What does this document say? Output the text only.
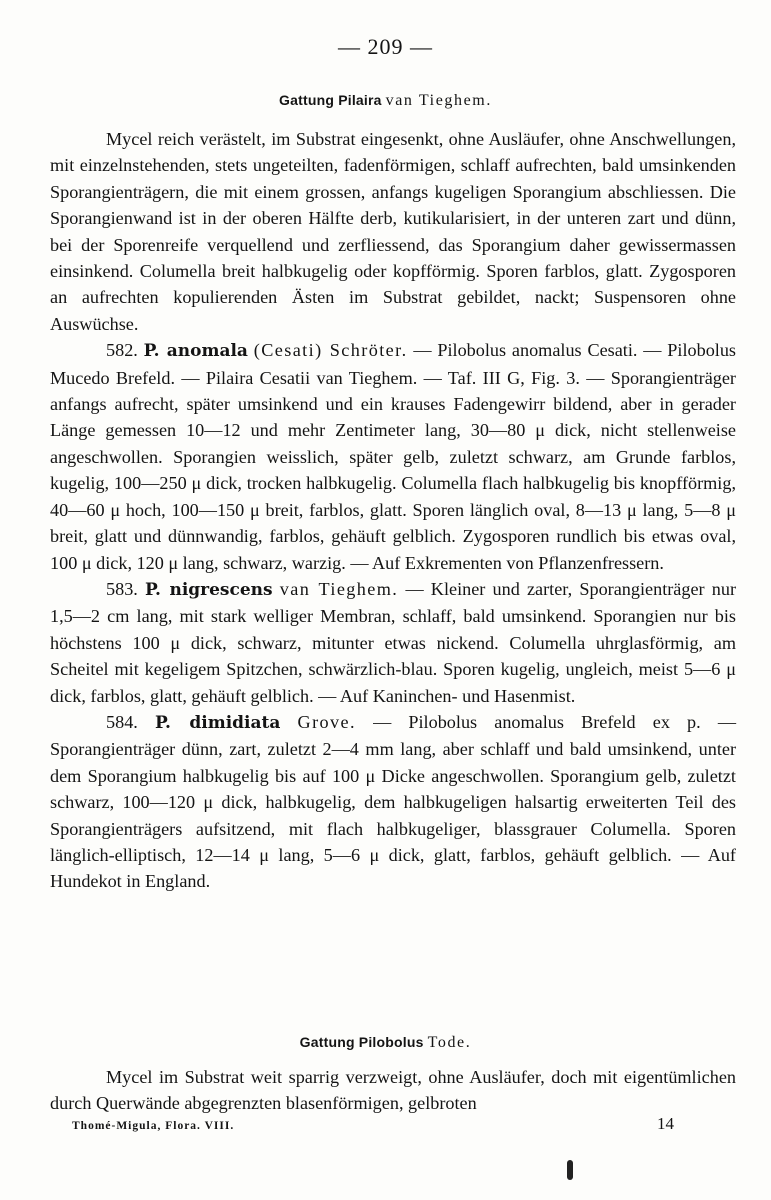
— 209 —
Gattung Pilaira van Tieghem.

Mycel reich verästelt, im Substrat eingesenkt, ohne Ausläufer, ohne Anschwellungen, mit einzelnstehenden, stets ungeteilten, fadenförmigen, schlaff aufrechten, bald umsinkenden Sporangienträgern, die mit einem grossen, anfangs kugeligen Sporangium abschliessen. Die Sporangienwand ist in der oberen Hälfte derb, kutikularisiert, in der unteren zart und dünn, bei der Sporenreife verquellend und zerfliessend, das Sporangium daher gewissermassen einsinkend. Columella breit halbkugelig oder kopfförmig. Sporen farblos, glatt. Zygosporen an aufrechten kopulierenden Ästen im Substrat gebildet, nackt; Suspensoren ohne Auswüchse.

582. P. anomala (Cesati) Schröter. — Pilobolus anomalus Cesati. — Pilobolus Mucedo Brefeld. — Pilaira Cesatii van Tieghem. — Taf. III G, Fig. 3. — Sporangienträger anfangs aufrecht, später umsinkend und ein krauses Fadengewirr bildend, aber in gerader Länge gemessen 10—12 und mehr Zentimeter lang, 30—80 μ dick, nicht stellenweise angeschwollen. Sporangien weisslich, später gelb, zuletzt schwarz, am Grunde farblos, kugelig, 100—250 μ dick, trocken halbkugelig. Columella flach halbkugelig bis knopfförmig, 40—60 μ hoch, 100—150 μ breit, farblos, glatt. Sporen länglich oval, 8—13 μ lang, 5—8 μ breit, glatt und dünnwandig, farblos, gehäuft gelblich. Zygosporen rundlich bis etwas oval, 100 μ dick, 120 μ lang, schwarz, warzig. — Auf Exkrementen von Pflanzenfressern.

583. P. nigrescens van Tieghem. — Kleiner und zarter, Sporangienträger nur 1,5—2 cm lang, mit stark welliger Membran, schlaff, bald umsinkend. Sporangien nur bis höchstens 100 μ dick, schwarz, mitunter etwas nickend. Columella uhrglasförmig, am Scheitel mit kegeligem Spitzchen, schwärzlich-blau. Sporen kugelig, ungleich, meist 5—6 μ dick, farblos, glatt, gehäuft gelblich. — Auf Kaninchen- und Hasenmist.

584. P. dimidiata Grove. — Pilobolus anomalus Brefeld ex p. — Sporangienträger dünn, zart, zuletzt 2—4 mm lang, aber schlaff und bald umsinkend, unter dem Sporangium halbkugelig bis auf 100 μ Dicke angeschwollen. Sporangium gelb, zuletzt schwarz, 100—120 μ dick, halbkugelig, dem halbkugeligen halsartig erweiterten Teil des Sporangienträgers aufsitzend, mit flach halbkugeliger, blassgrauer Columella. Sporen länglich-elliptisch, 12—14 μ lang, 5—6 μ dick, glatt, farblos, gehäuft gelblich. — Auf Hundekot in England.

Gattung Pilobolus Tode.

Mycel im Substrat weit sparrig verzweigt, ohne Ausläufer, doch mit eigentümlichen durch Querwände abgegrenzten blasenförmigen, gelbroten

Thomé-Migula, Flora. VIII.	14
